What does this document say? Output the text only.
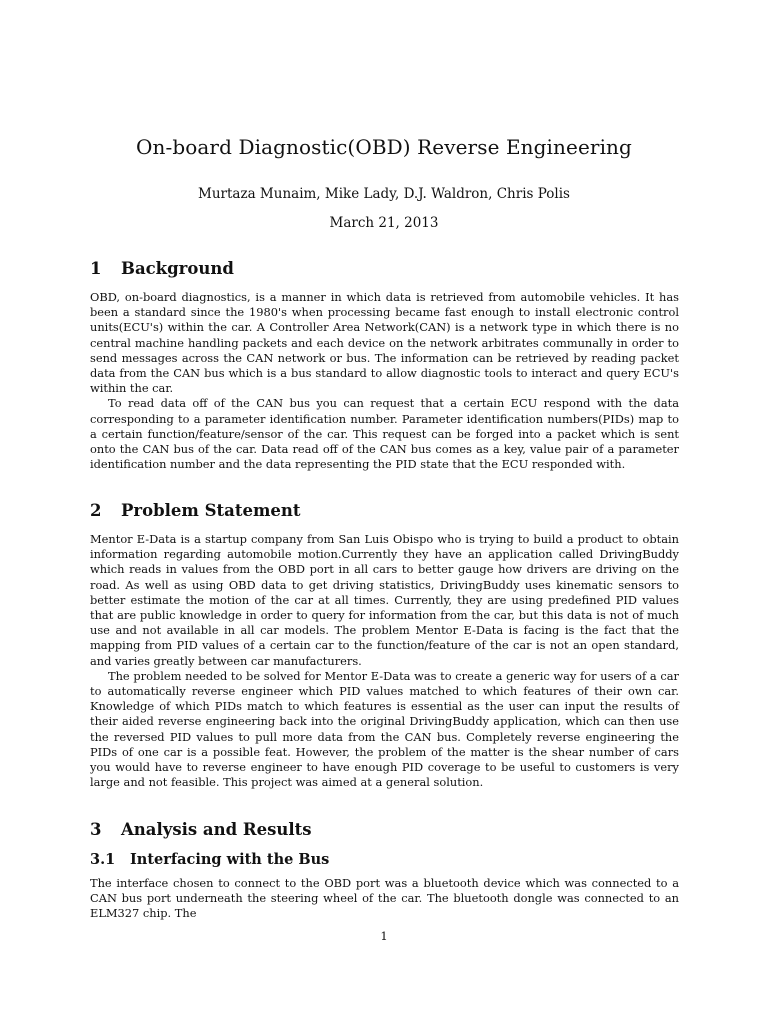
On-board Diagnostic(OBD) Reverse Engineering
Murtaza Munaim, Mike Lady, D.J. Waldron, Chris Polis
March 21, 2013
1 Background

OBD, on-board diagnostics, is a manner in which data is retrieved from automobile vehicles. It has been a standard since the 1980's when processing became fast enough to install electronic control units(ECU's) within the car. A Controller Area Network(CAN) is a network type in which there is no central machine handling packets and each device on the network arbitrates communally in order to send messages across the CAN network or bus. The information can be retrieved by reading packet data from the CAN bus which is a bus standard to allow diagnostic tools to interact and query ECU's within the car.

To read data off of the CAN bus you can request that a certain ECU respond with the data corresponding to a parameter identification number. Parameter identification numbers(PIDs) map to a certain function/feature/sensor of the car. This request can be forged into a packet which is sent onto the CAN bus of the car. Data read off of the CAN bus comes as a key, value pair of a parameter identification number and the data representing the PID state that the ECU responded with.

2 Problem Statement

Mentor E-Data is a startup company from San Luis Obispo who is trying to build a product to obtain information regarding automobile motion.Currently they have an application called DrivingBuddy which reads in values from the OBD port in all cars to better gauge how drivers are driving on the road. As well as using OBD data to get driving statistics, DrivingBuddy uses kinematic sensors to better estimate the motion of the car at all times. Currently, they are using predefined PID values that are public knowledge in order to query for information from the car, but this data is not of much use and not available in all car models. The problem Mentor E-Data is facing is the fact that the mapping from PID values of a certain car to the function/feature of the car is not an open standard, and varies greatly between car manufacturers.

The problem needed to be solved for Mentor E-Data was to create a generic way for users of a car to automatically reverse engineer which PID values matched to which features of their own car. Knowledge of which PIDs match to which features is essential as the user can input the results of their aided reverse engineering back into the original DrivingBuddy application, which can then use the reversed PID values to pull more data from the CAN bus. Completely reverse engineering the PIDs of one car is a possible feat. However, the problem of the matter is the shear number of cars you would have to reverse engineer to have enough PID coverage to be useful to customers is very large and not feasible. This project was aimed at a general solution.

3 Analysis and Results
3.1 Interfacing with the Bus

The interface chosen to connect to the OBD port was a bluetooth device which was connected to a CAN bus port underneath the steering wheel of the car. The bluetooth dongle was connected to an ELM327 chip. The

1
